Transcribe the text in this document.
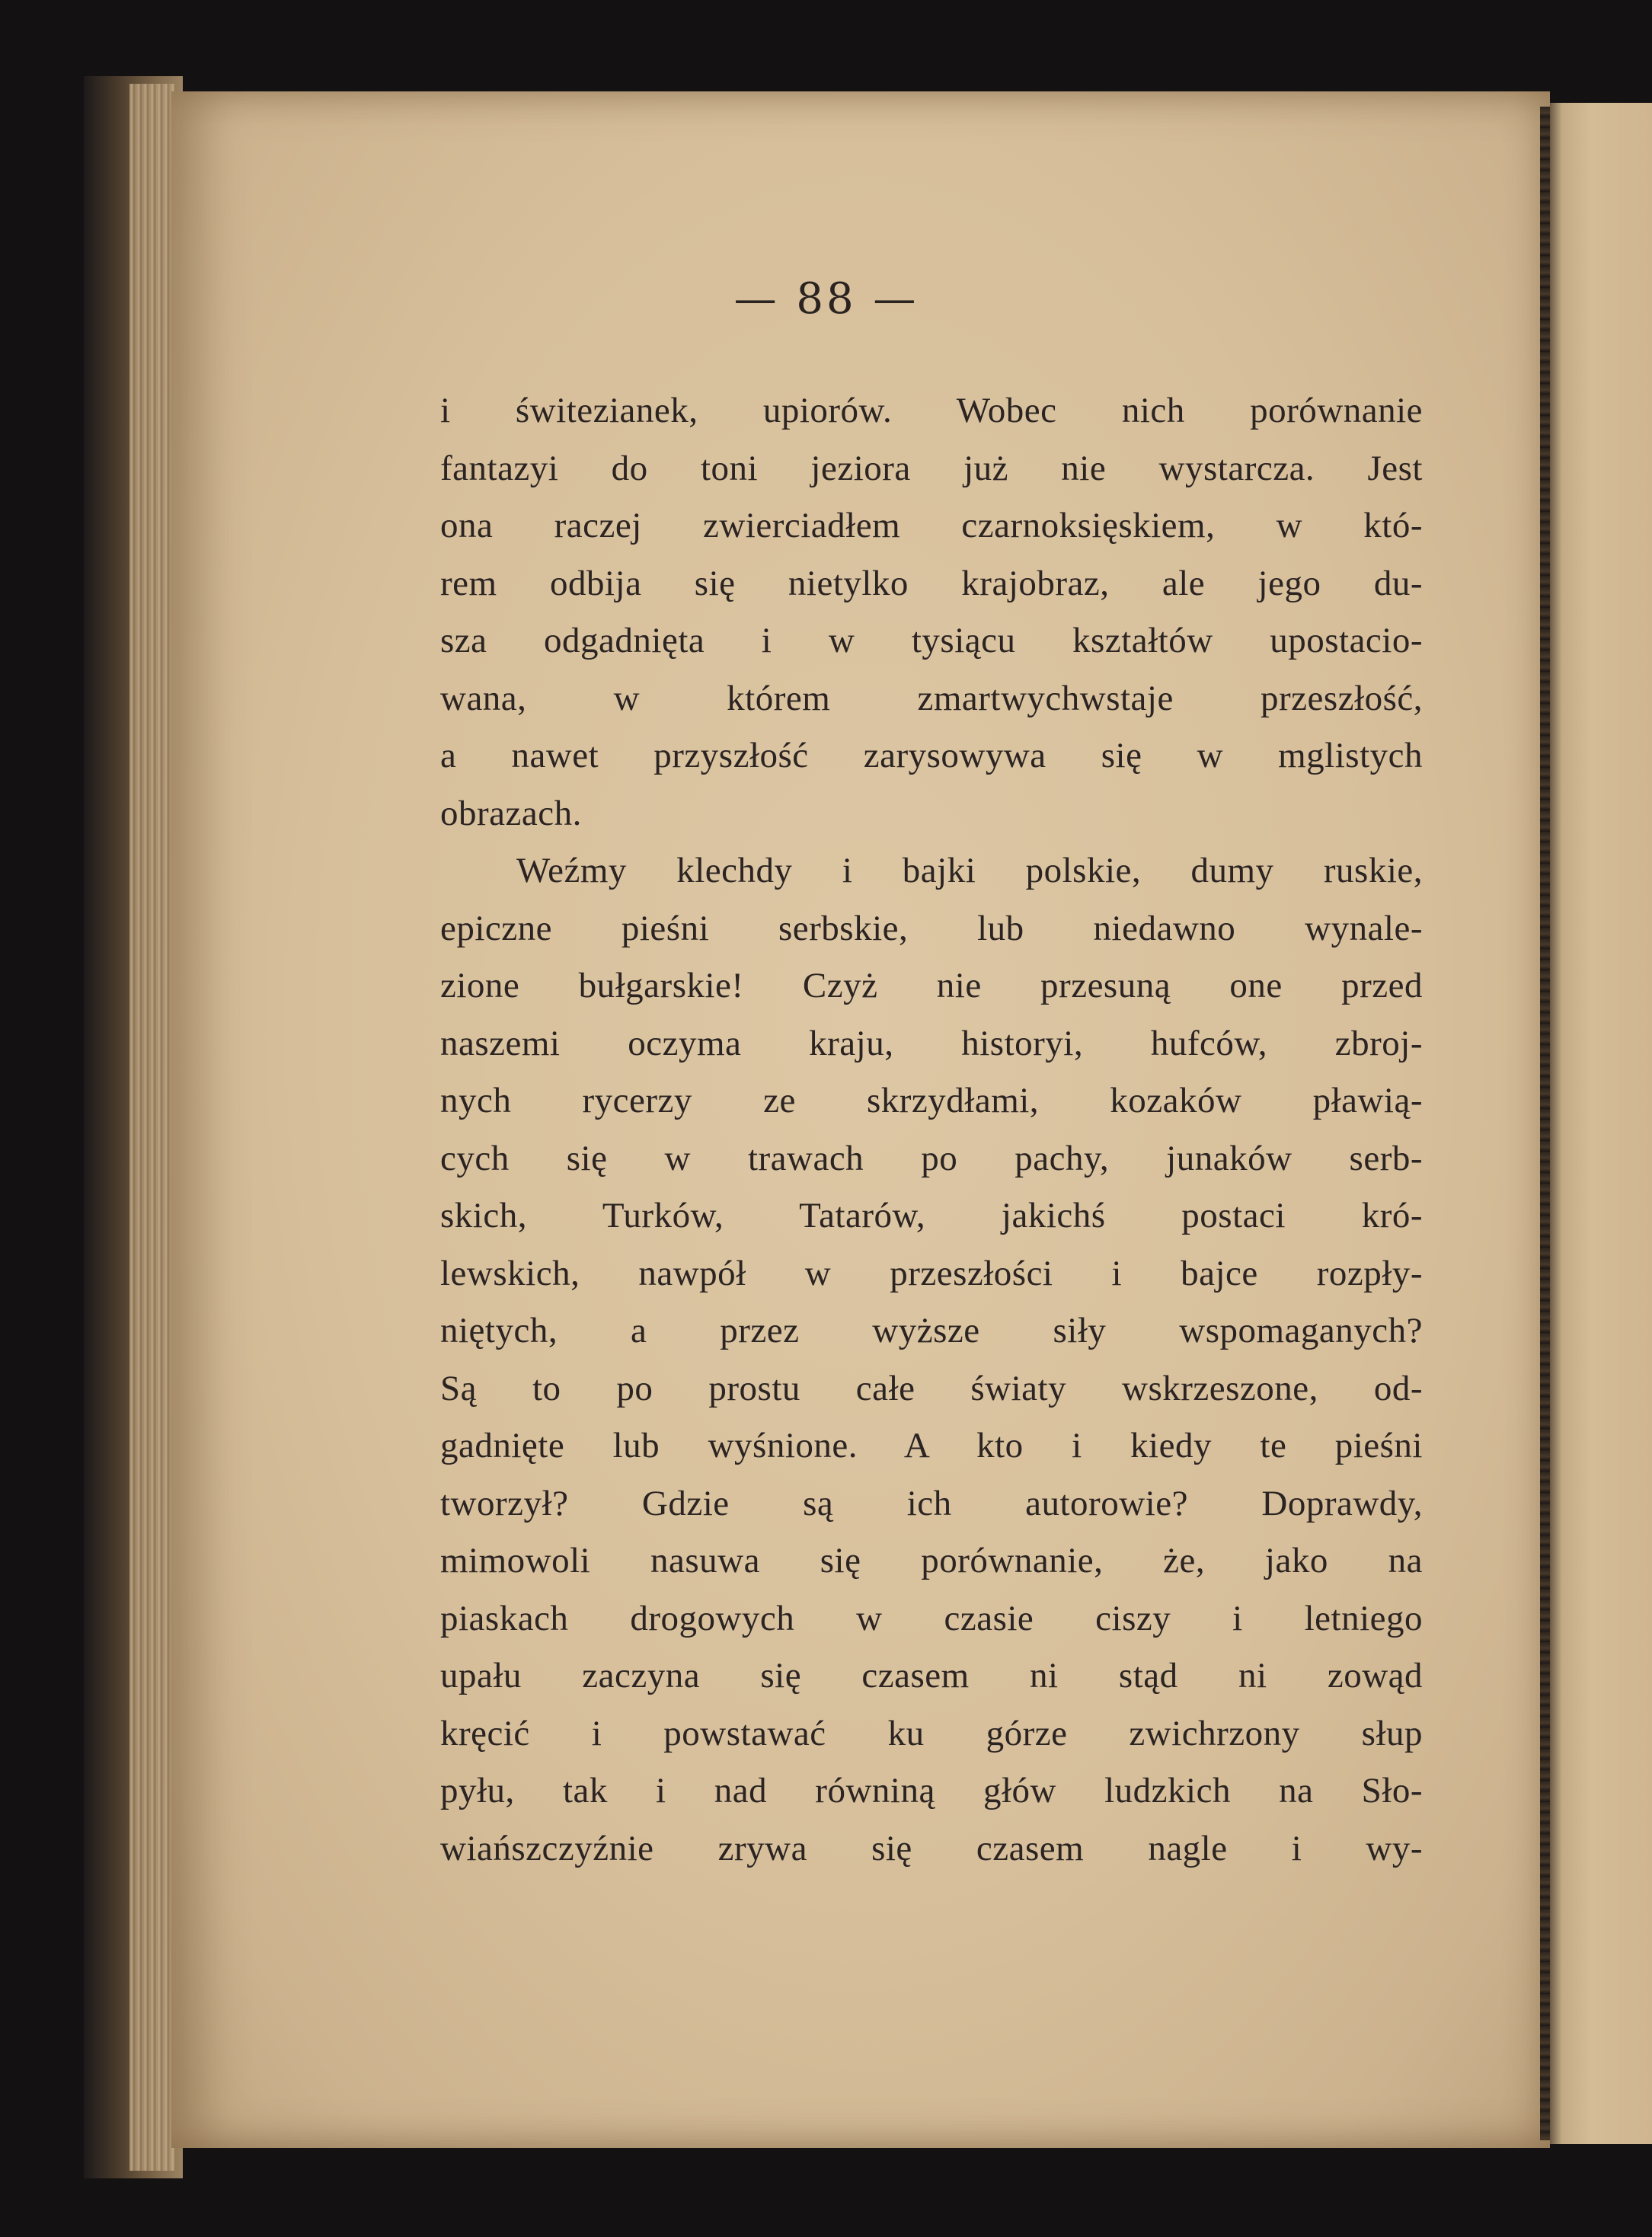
— 88 —
i świtezianek, upiorów. Wobec nich porównanie
fantazyi do toni jeziora już nie wystarcza. Jest
ona raczej zwierciadłem czarnoksięskiem, w któ-
rem odbija się nietylko krajobraz, ale jego du-
sza odgadnięta i w tysiącu kształtów upostacio-
wana, w którem zmartwychwstaje przeszłość,
a nawet przyszłość zarysowywa się w mglistych
obrazach.
Weźmy klechdy i bajki polskie, dumy ruskie,
epiczne pieśni serbskie, lub niedawno wynale-
zione bułgarskie! Czyż nie przesuną one przed
naszemi oczyma kraju, historyi, hufców, zbroj-
nych rycerzy ze skrzydłami, kozaków pławią-
cych się w trawach po pachy, junaków serb-
skich, Turków, Tatarów, jakichś postaci kró-
lewskich, nawpół w przeszłości i bajce rozpły-
niętych, a przez wyższe siły wspomaganych?
Są to po prostu całe światy wskrzeszone, od-
gadnięte lub wyśnione. A kto i kiedy te pieśni
tworzył? Gdzie są ich autorowie? Doprawdy,
mimowoli nasuwa się porównanie, że, jako na
piaskach drogowych w czasie ciszy i letniego
upału zaczyna się czasem ni stąd ni zowąd
kręcić i powstawać ku górze zwichrzony słup
pyłu, tak i nad równiną głów ludzkich na Sło-
wiańszczyźnie zrywa się czasem nagle i wy-
